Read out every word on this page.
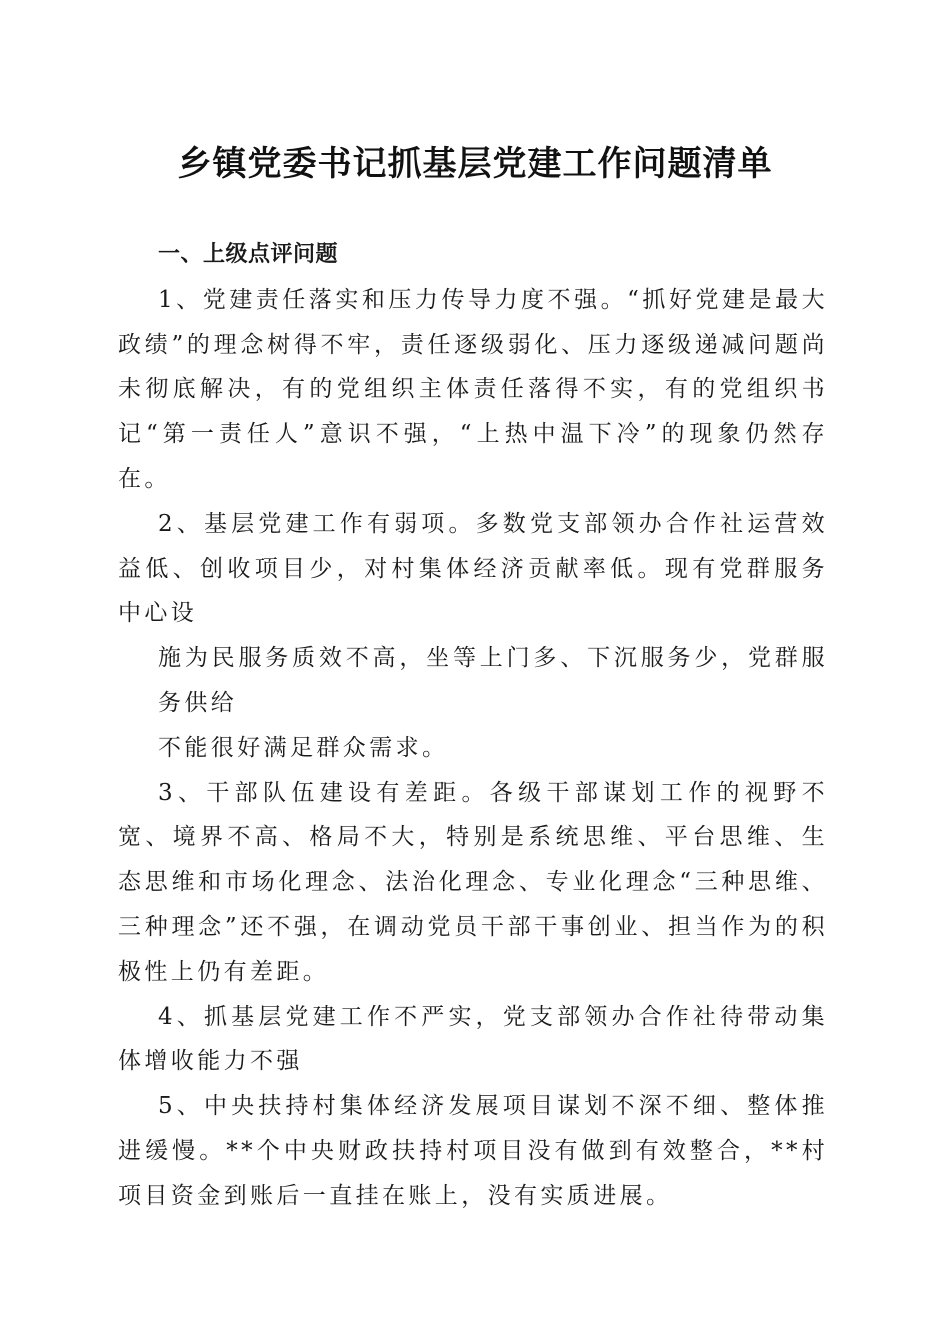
乡镇党委书记抓基层党建工作问题清单

一、上级点评问题

1、党建责任落实和压力传导力度不强。“抓好党建是最大政绩”的理念树得不牢，责任逐级弱化、压力逐级递减问题尚未彻底解决，有的党组织主体责任落得不实，有的党组织书记“第一责任人”意识不强，“上热中温下冷”的现象仍然存在。

2、基层党建工作有弱项。多数党支部领办合作社运营效益低、创收项目少，对村集体经济贡献率低。现有党群服务中心设

施为民服务质效不高，坐等上门多、下沉服务少，党群服务供给

不能很好满足群众需求。

3、干部队伍建设有差距。各级干部谋划工作的视野不宽、境界不高、格局不大，特别是系统思维、平台思维、生态思维和市场化理念、法治化理念、专业化理念“三种思维、三种理念”还不强，在调动党员干部干事创业、担当作为的积极性上仍有差距。

4、抓基层党建工作不严实，党支部领办合作社待带动集体增收能力不强

5、中央扶持村集体经济发展项目谋划不深不细、整体推进缓慢。**个中央财政扶持村项目没有做到有效整合，**村项目资金到账后一直挂在账上，没有实质进展。
